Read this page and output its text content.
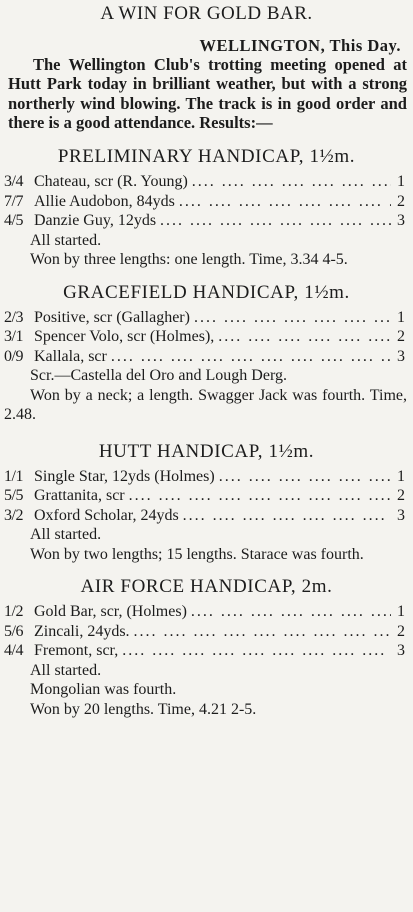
A WIN FOR GOLD BAR.
WELLINGTON, This Day.

The Wellington Club's trotting meeting opened at Hutt Park today in brilliant weather, but with a strong northerly wind blowing. The track is in good order and there is a good attendance. Results:—

PRELIMINARY HANDICAP, 1½m.
3/4 Chateau, scr (R. Young) ....	1
7/7 Allie Audobon, 84yds ....	2
4/5 Danzie Guy, 12yds ....	3
All started.

Won by three lengths: one length. Time, 3.34 4-5.

GRACEFIELD HANDICAP, 1½m.
2/3 Positive, scr (Gallagher) ....	1
3/1 Spencer Volo, scr (Holmes), ....	2
0/9 Kallala, scr ....	3

Scr.—Castella del Oro and Lough Derg.

Won by a neck; a length. Swagger Jack was fourth. Time, 2.48.

HUTT HANDICAP, 1½m.
1/1 Single Star, 12yds (Holmes) ....	1
5/5 Grattanita, scr ....	2
3/2 Oxford Scholar, 24yds ....	3
All started.

Won by two lengths; 15 lengths. Starace was fourth.

AIR FORCE HANDICAP, 2m.
1/2 Gold Bar, scr, (Holmes) ....	1
5/6 Zincali, 24yds. ....	2
4/4 Fremont, scr, ....	3
All started.
Mongolian was fourth.
Won by 20 lengths. Time, 4.21 2-5.
